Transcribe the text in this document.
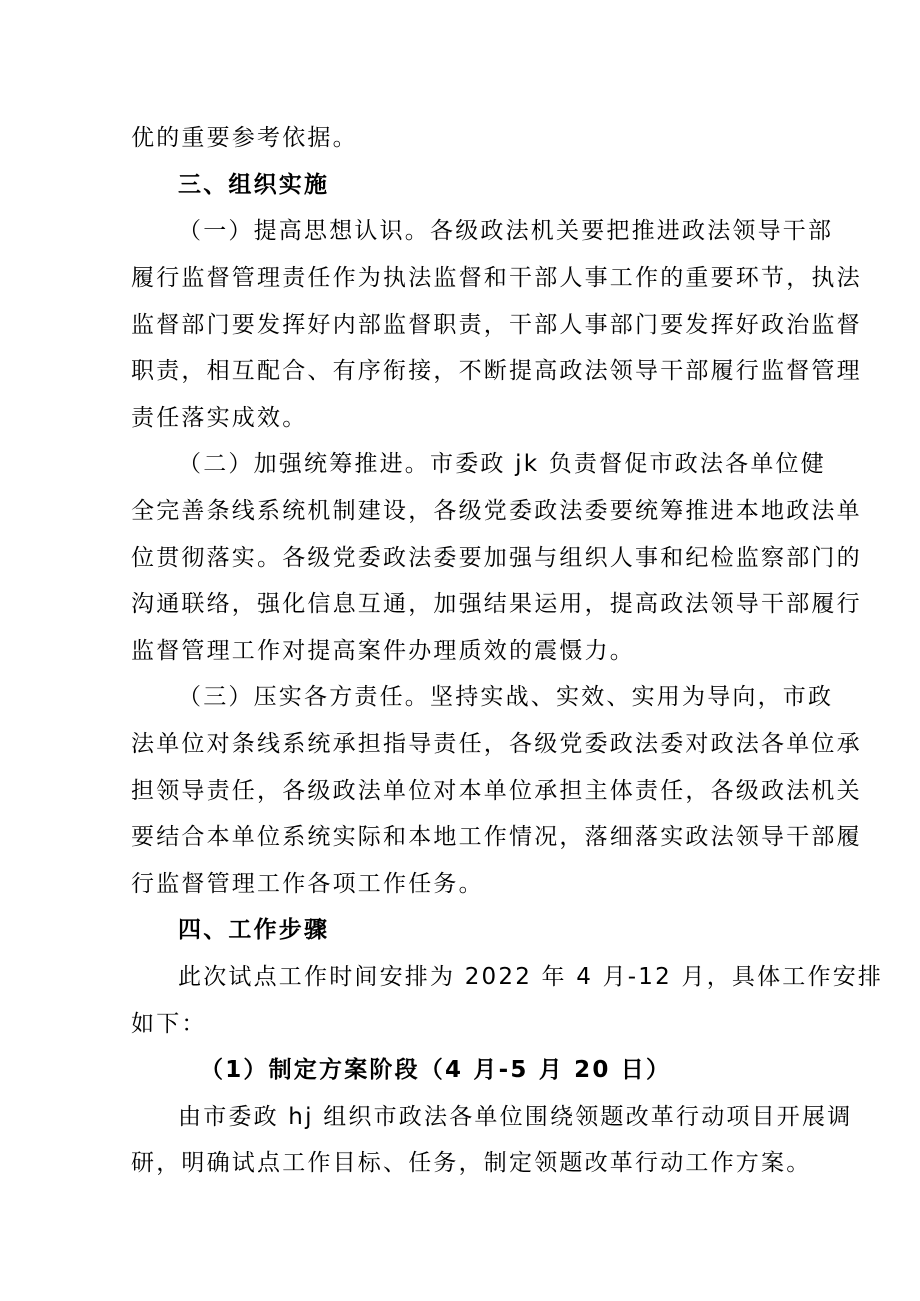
优的重要参考依据。
三、组织实施
（一）提高思想认识。各级政法机关要把推进政法领导干部
履行监督管理责任作为执法监督和干部人事工作的重要环节，执法
监督部门要发挥好内部监督职责，干部人事部门要发挥好政治监督
职责，相互配合、有序衔接，不断提高政法领导干部履行监督管理
责任落实成效。
（二）加强统筹推进。市委政 jk 负责督促市政法各单位健
全完善条线系统机制建设，各级党委政法委要统筹推进本地政法单
位贯彻落实。各级党委政法委要加强与组织人事和纪检监察部门的
沟通联络，强化信息互通，加强结果运用，提高政法领导干部履行
监督管理工作对提高案件办理质效的震慑力。
（三）压实各方责任。坚持实战、实效、实用为导向，市政
法单位对条线系统承担指导责任，各级党委政法委对政法各单位承
担领导责任，各级政法单位对本单位承担主体责任，各级政法机关
要结合本单位系统实际和本地工作情况，落细落实政法领导干部履
行监督管理工作各项工作任务。
四、工作步骤
此次试点工作时间安排为 2022 年 4 月-12 月，具体工作安排
如下：
（1）制定方案阶段（4 月-5 月 20 日）
由市委政 hj 组织市政法各单位围绕领题改革行动项目开展调
研，明确试点工作目标、任务，制定领题改革行动工作方案。
